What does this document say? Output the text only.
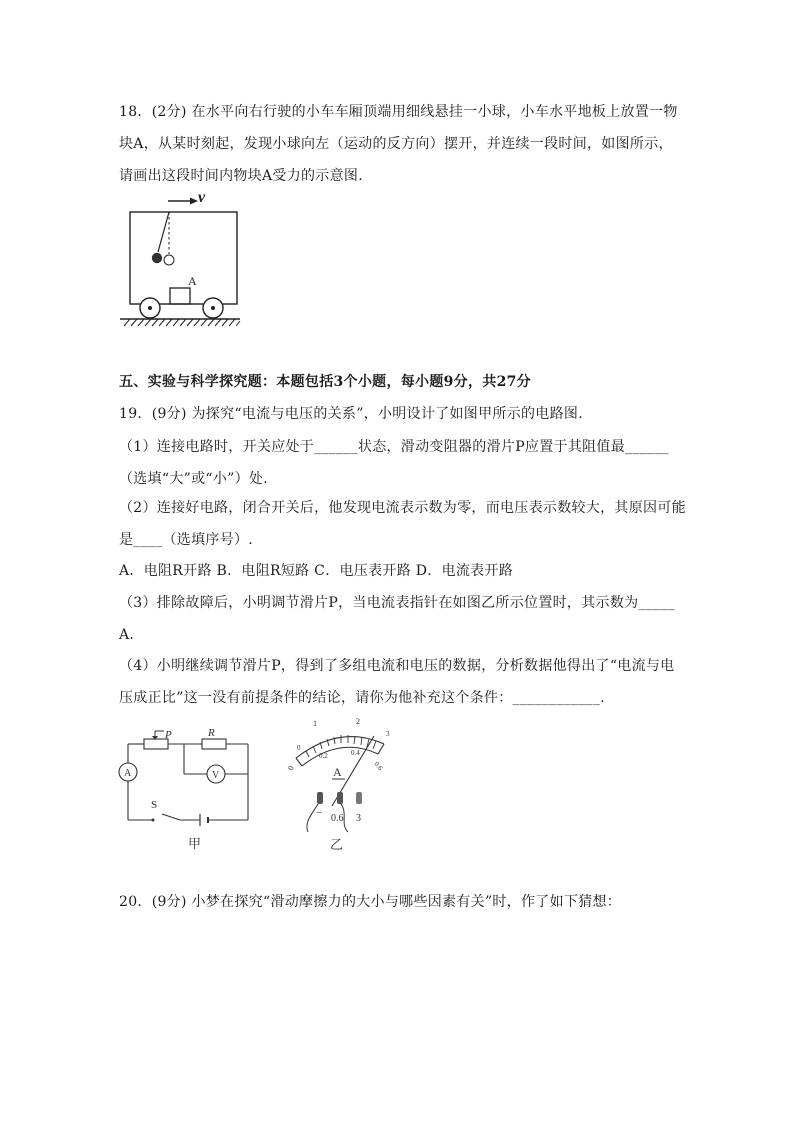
18．(2分) 在水平向右行驶的小车车厢顶端用细线悬挂一小球，小车水平地板上放置一物
块A，从某时刻起，发现小球向左（运动的反方向）摆开，并连续一段时间，如图所示，
请画出这段时间内物块A受力的示意图.
v
A
五、实验与科学探究题：本题包括3个小题，每小题9分，共27分
19．(9分) 为探究“电流与电压的关系”，小明设计了如图甲所示的电路图.
（1）连接电路时，开关应处于______状态，滑动变阻器的滑片P应置于其阻值最______
（选填“大”或“小”）处.
（2）连接好电路，闭合开关后，他发现电流表示数为零，而电压表示数较大，其原因可能
是____（选填序号）.
A．电阻R开路 B．电阻R短路 C．电压表开路 D．电流表开路
（3）排除故障后，小明调节滑片P，当电流表指针在如图乙所示位置时，其示数为_____
A.
（4）小明继续调节滑片P，得到了多组电流和电压的数据，分析数据他得出了“电流与电
压成正比”这一没有前提条件的结论，请你为他补充这个条件：____________.
P	R
A	V
S
甲
0
0.2	0.4
0.6
0
1	2
3
A
− 0.6 3
乙
20．(9分) 小梦在探究“滑动摩擦力的大小与哪些因素有关”时，作了如下猜想：
